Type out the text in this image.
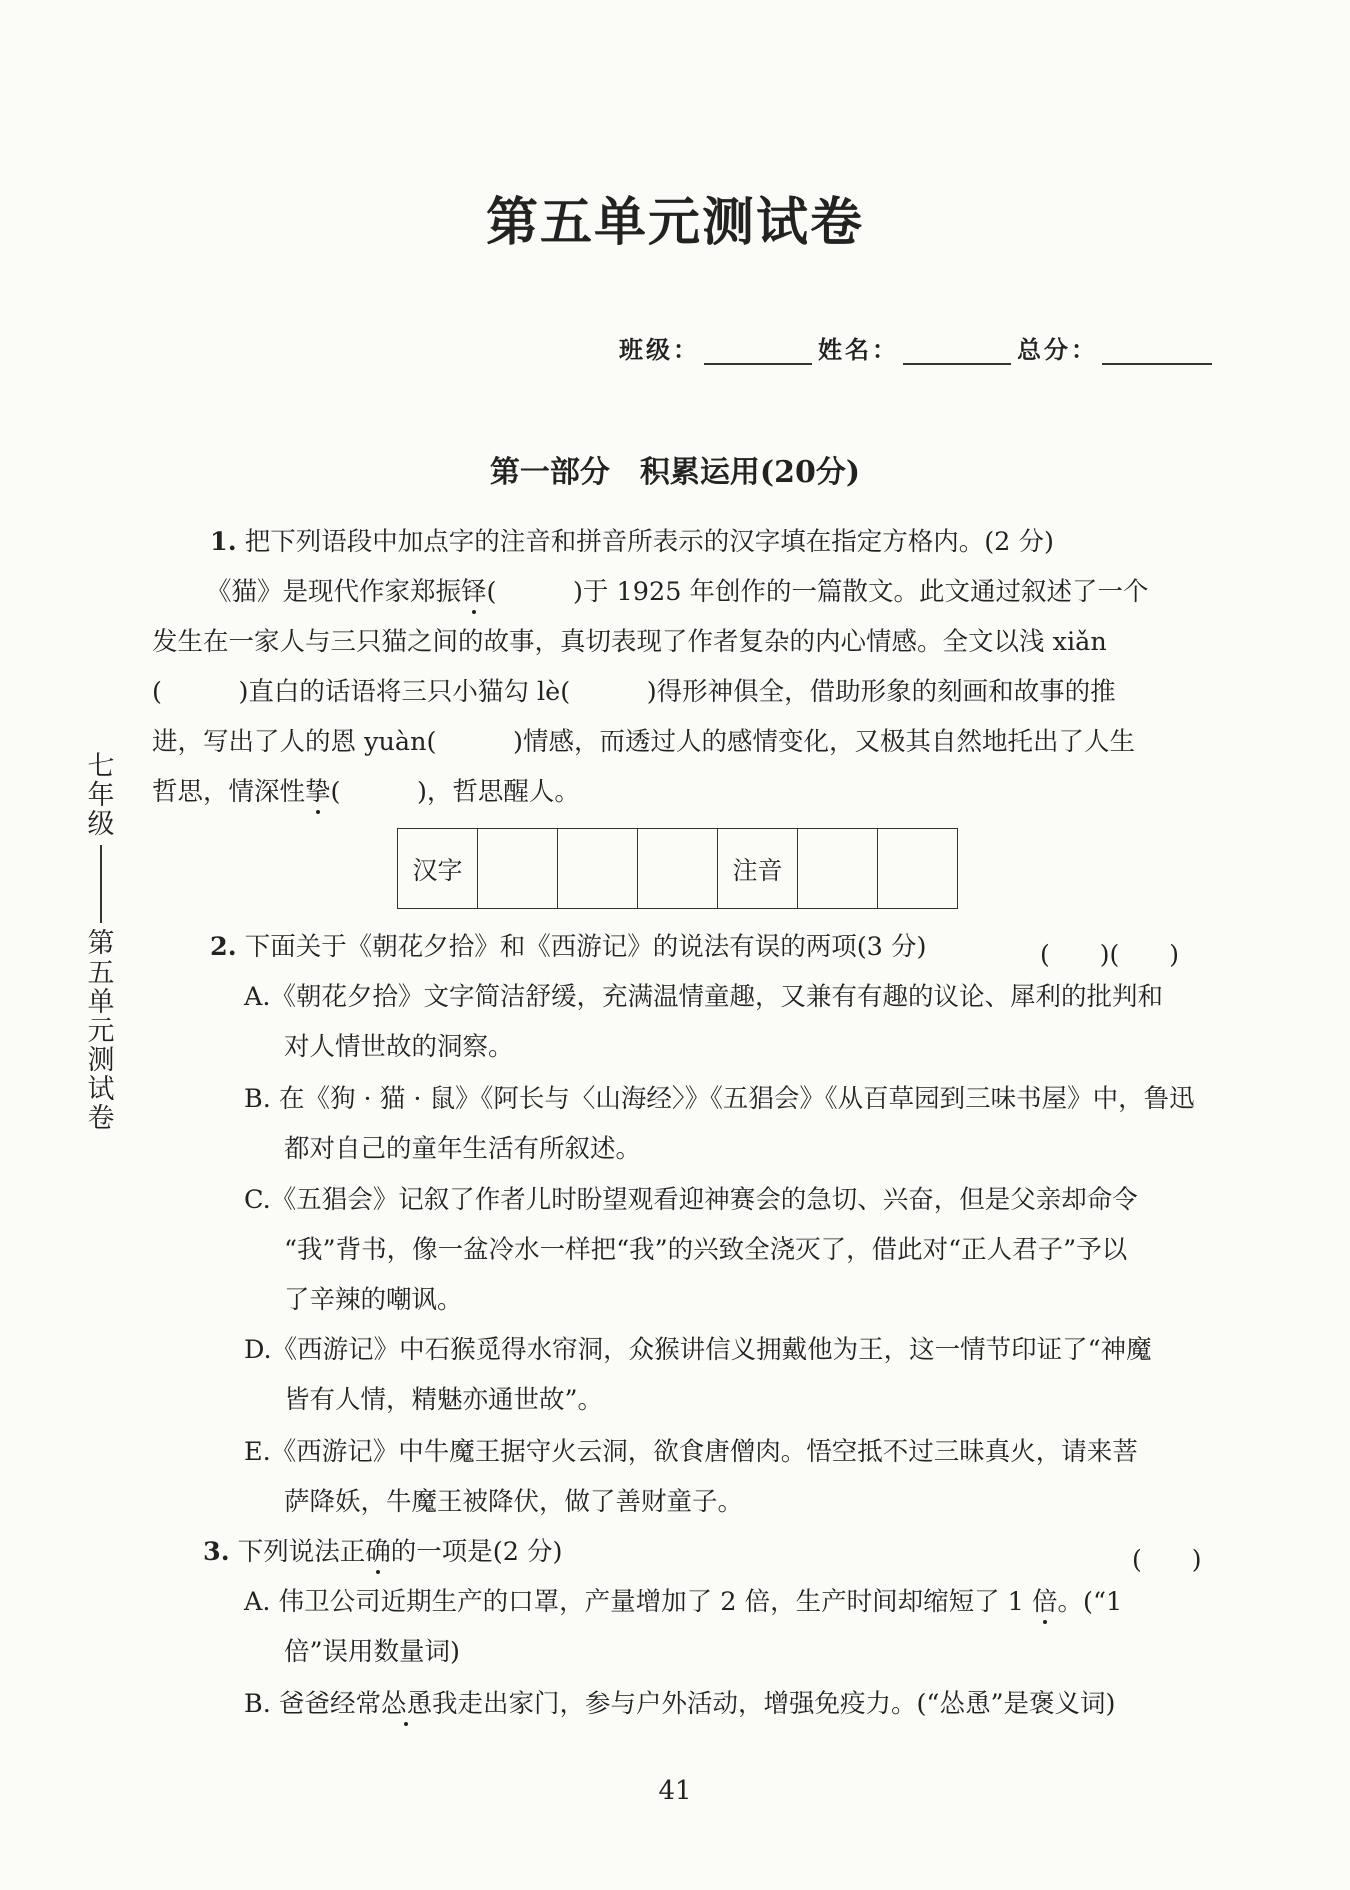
第五单元测试卷
班级：	姓名：	总分：
第一部分　积累运用(20分)
七年级
第五单元测试卷
1. 把下列语段中加点字的注音和拼音所表示的汉字填在指定方格内。(2 分)
《猫》是现代作家郑振铎(　　　)于 1925 年创作的一篇散文。此文通过叙述了一个
发生在一家人与三只猫之间的故事，真切表现了作者复杂的内心情感。全文以浅 xiǎn
(　　　)直白的话语将三只小猫勾 lè(　　　)得形神俱全，借助形象的刻画和故事的推
进，写出了人的恩 yuàn(　　　)情感，而透过人的感情变化，又极其自然地托出了人生
哲思，情深性挚(　　　)，哲思醒人。
汉字				注音		
2. 下面关于《朝花夕拾》和《西游记》的说法有误的两项(3 分)	(　　)(　　)
A.《朝花夕拾》文字简洁舒缓，充满温情童趣，又兼有有趣的议论、犀利的批判和
对人情世故的洞察。
B. 在《狗 · 猫 · 鼠》《阿长与〈山海经〉》《五猖会》《从百草园到三味书屋》中，鲁迅
都对自己的童年生活有所叙述。
C.《五猖会》记叙了作者儿时盼望观看迎神赛会的急切、兴奋，但是父亲却命令
“我”背书，像一盆冷水一样把“我”的兴致全浇灭了，借此对“正人君子”予以
了辛辣的嘲讽。
D.《西游记》中石猴觅得水帘洞，众猴讲信义拥戴他为王，这一情节印证了“神魔
皆有人情，精魅亦通世故”。
E.《西游记》中牛魔王据守火云洞，欲食唐僧肉。悟空抵不过三昧真火，请来菩
萨降妖，牛魔王被降伏，做了善财童子。
3. 下列说法正确的一项是(2 分)	(　　)
A. 伟卫公司近期生产的口罩，产量增加了 2 倍，生产时间却缩短了 1 倍。(“1
倍”误用数量词)
B. 爸爸经常怂恿我走出家门，参与户外活动，增强免疫力。(“怂恿”是褒义词)
41
